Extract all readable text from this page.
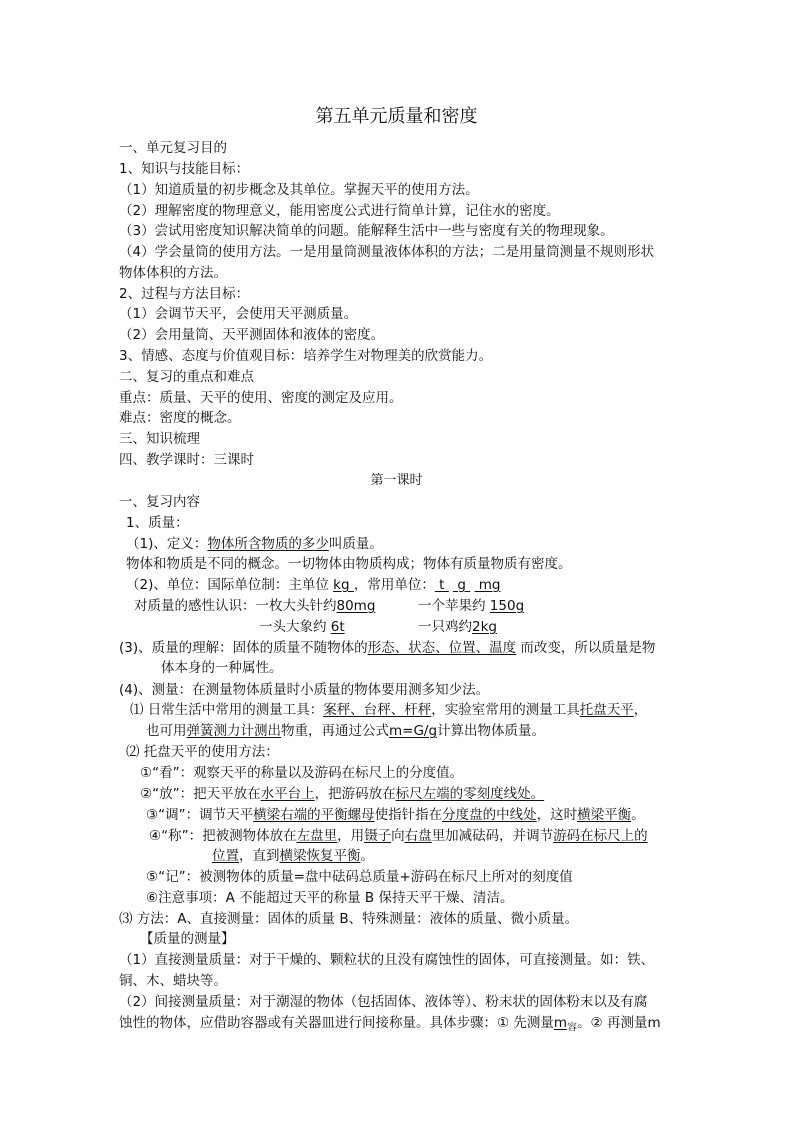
第五单元质量和密度
一、单元复习目的
1、知识与技能目标：
（1）知道质量的初步概念及其单位。掌握天平的使用方法。
（2）理解密度的物理意义，能用密度公式进行简单计算，记住水的密度。
（3）尝试用密度知识解决简单的问题。能解释生活中一些与密度有关的物理现象。
（4）学会量筒的使用方法。一是用量筒测量液体体积的方法；二是用量筒测量不规则形状
物体体积的方法。
2、过程与方法目标：
（1）会调节天平，会使用天平测质量。
（2）会用量筒、天平测固体和液体的密度。
3、情感、态度与价值观目标：培养学生对物理美的欣赏能力。
二、复习的重点和难点
重点：质量、天平的使用、密度的测定及应用。
难点：密度的概念。
三、知识梳理
四、教学课时：三课时
第一课时
一、复习内容
1、质量：
（1)、定义：物体所含物质的多少叫质量。
物体和物质是不同的概念。一切物体由物质构成；物体有质量物质有密度。
（2)、单位：国际单位制：主单位 kg ，常用单位： t   g   mg
对质量的感性认识：一枚大头针约80mg	一个苹果约 150g
一头大象约 6t	一只鸡约2kg
(3)、质量的理解：固体的质量不随物体的形态、状态、位置、温度 而改变，所以质量是物
体本身的一种属性。
(4)、测量：在测量物体质量时小质量的物体要用测多知少法。
⑴ 日常生活中常用的测量工具：案秤、台秤、杆秤，实验室常用的测量工具托盘天平，
也可用弹簧测力计测出物重，再通过公式m=G/g计算出物体质量。
⑵ 托盘天平的使用方法：
①“看”：观察天平的称量以及游码在标尺上的分度值。
②“放”：把天平放在水平台上，把游码放在标尺左端的零刻度线处。
③“调”：调节天平横梁右端的平衡螺母使指针指在分度盘的中线处，这时横梁平衡。
④“称”：把被测物体放在左盘里，用镊子向右盘里加减砝码，并调节游码在标尺上的
位置，直到横梁恢复平衡。
⑤“记”：被测物体的质量=盘中砝码总质量+游码在标尺上所对的刻度值
⑥注意事项：A 不能超过天平的称量 B 保持天平干燥、清洁。
⑶ 方法：A、直接测量：固体的质量 B、特殊测量：液体的质量、微小质量。
【质量的测量】
（1）直接测量质量：对于干燥的、颗粒状的且没有腐蚀性的固体，可直接测量。如：铁、
铜、木、蜡块等。
（2）间接测量质量：对于潮湿的物体（包括固体、液体等）、粉末状的固体粉末以及有腐
蚀性的物体，应借助容器或有关器皿进行间接称量。具体步骤：① 先测量$m_容$。② 再测量m
